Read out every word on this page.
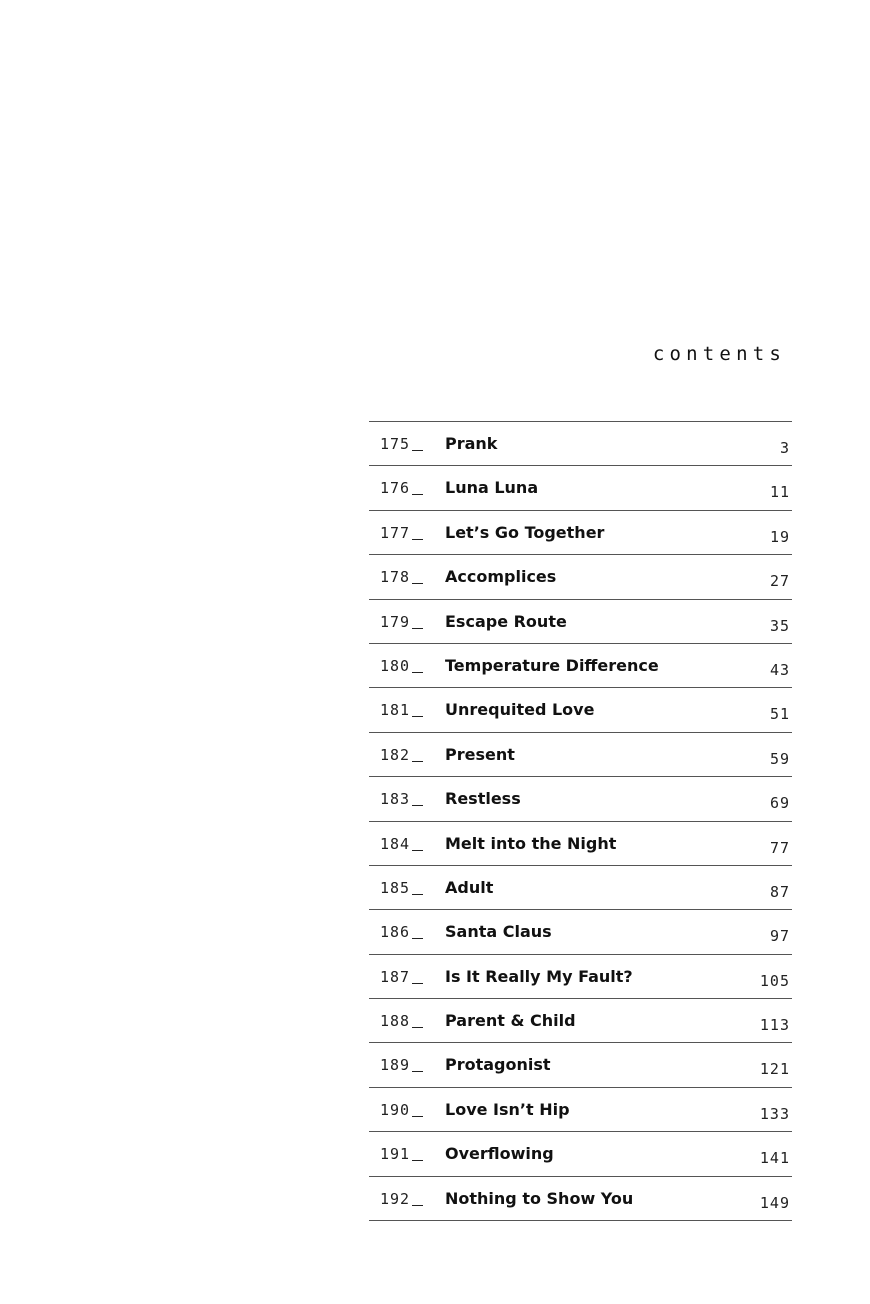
contents
175	Prank	3
176	Luna Luna	11
177	Let’s Go Together	19
178	Accomplices	27
179	Escape Route	35
180	Temperature Difference	43
181	Unrequited Love	51
182	Present	59
183	Restless	69
184	Melt into the Night	77
185	Adult	87
186	Santa Claus	97
187	Is It Really My Fault?	105
188	Parent & Child	113
189	Protagonist	121
190	Love Isn’t Hip	133
191	Overflowing	141
192	Nothing to Show You	149
